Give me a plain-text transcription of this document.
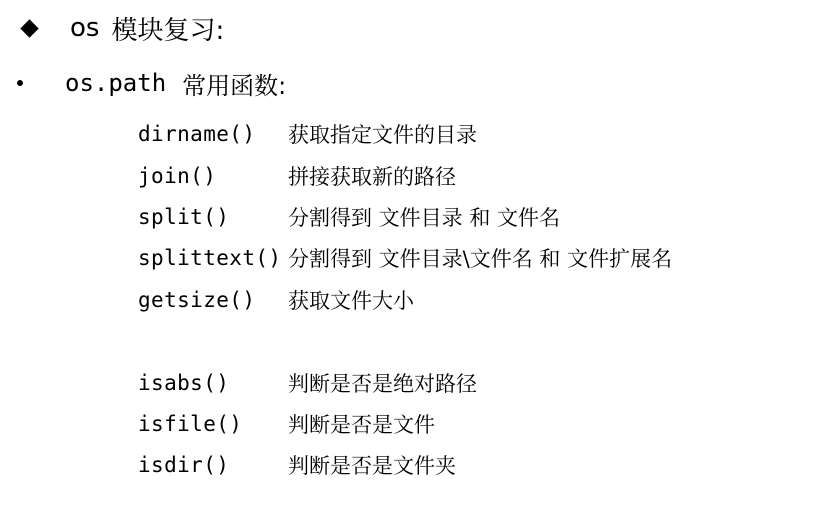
os 模块复习:
os.path 常用函数:
dirname()	获取指定文件的目录
join()	拼接获取新的路径
split()	分割得到 文件目录 和 文件名
splittext() 分割得到 文件目录\文件名 和 文件扩展名
getsize()	获取文件大小
isabs()	判断是否是绝对路径
isfile()	判断是否是文件
isdir()	判断是否是文件夹
